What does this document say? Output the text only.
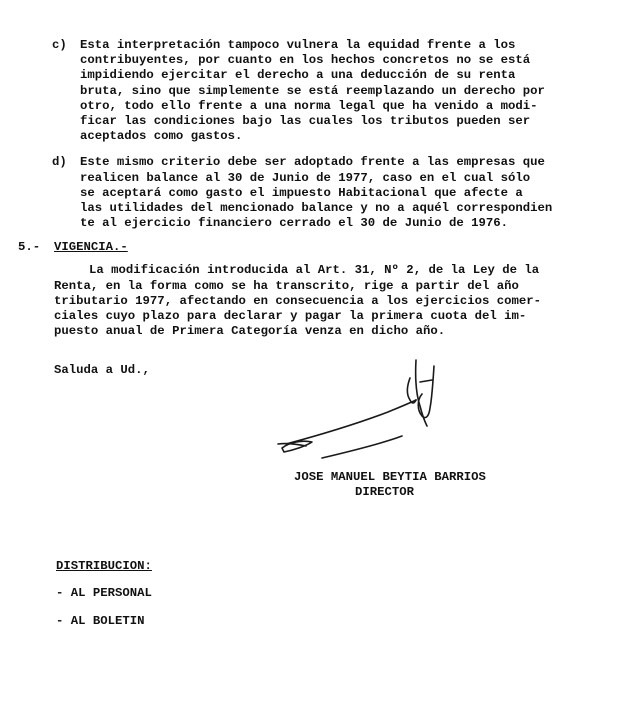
c) Esta interpretación tampoco vulnera la equidad frente a los
contribuyentes, por cuanto en los hechos concretos no se está
impidiendo ejercitar el derecho a una deducción de su renta
bruta, sino que simplemente se está reemplazando un derecho por
otro, todo ello frente a una norma legal que ha venido a modi-
ficar las condiciones bajo las cuales los tributos pueden ser
aceptados como gastos.
d) Este mismo criterio debe ser adoptado frente a las empresas que
realicen balance al 30 de Junio de 1977, caso en el cual sólo
se aceptará como gasto el impuesto Habitacional que afecte a
las utilidades del mencionado balance y no a aquél correspondien
te al ejercicio financiero cerrado el 30 de Junio de 1976.
5.- VIGENCIA.-
La modificación introducida al Art. 31, Nº 2, de la Ley de la
Renta, en la forma como se ha transcrito, rige a partir del año
tributario 1977, afectando en consecuencia a los ejercicios comer-
ciales cuyo plazo para declarar y pagar la primera cuota del im-
puesto anual de Primera Categoría venza en dicho año.
Saluda a Ud.,
JOSE MANUEL BEYTIA BARRIOS
DIRECTOR
DISTRIBUCION:
- AL PERSONAL
- AL BOLETIN
